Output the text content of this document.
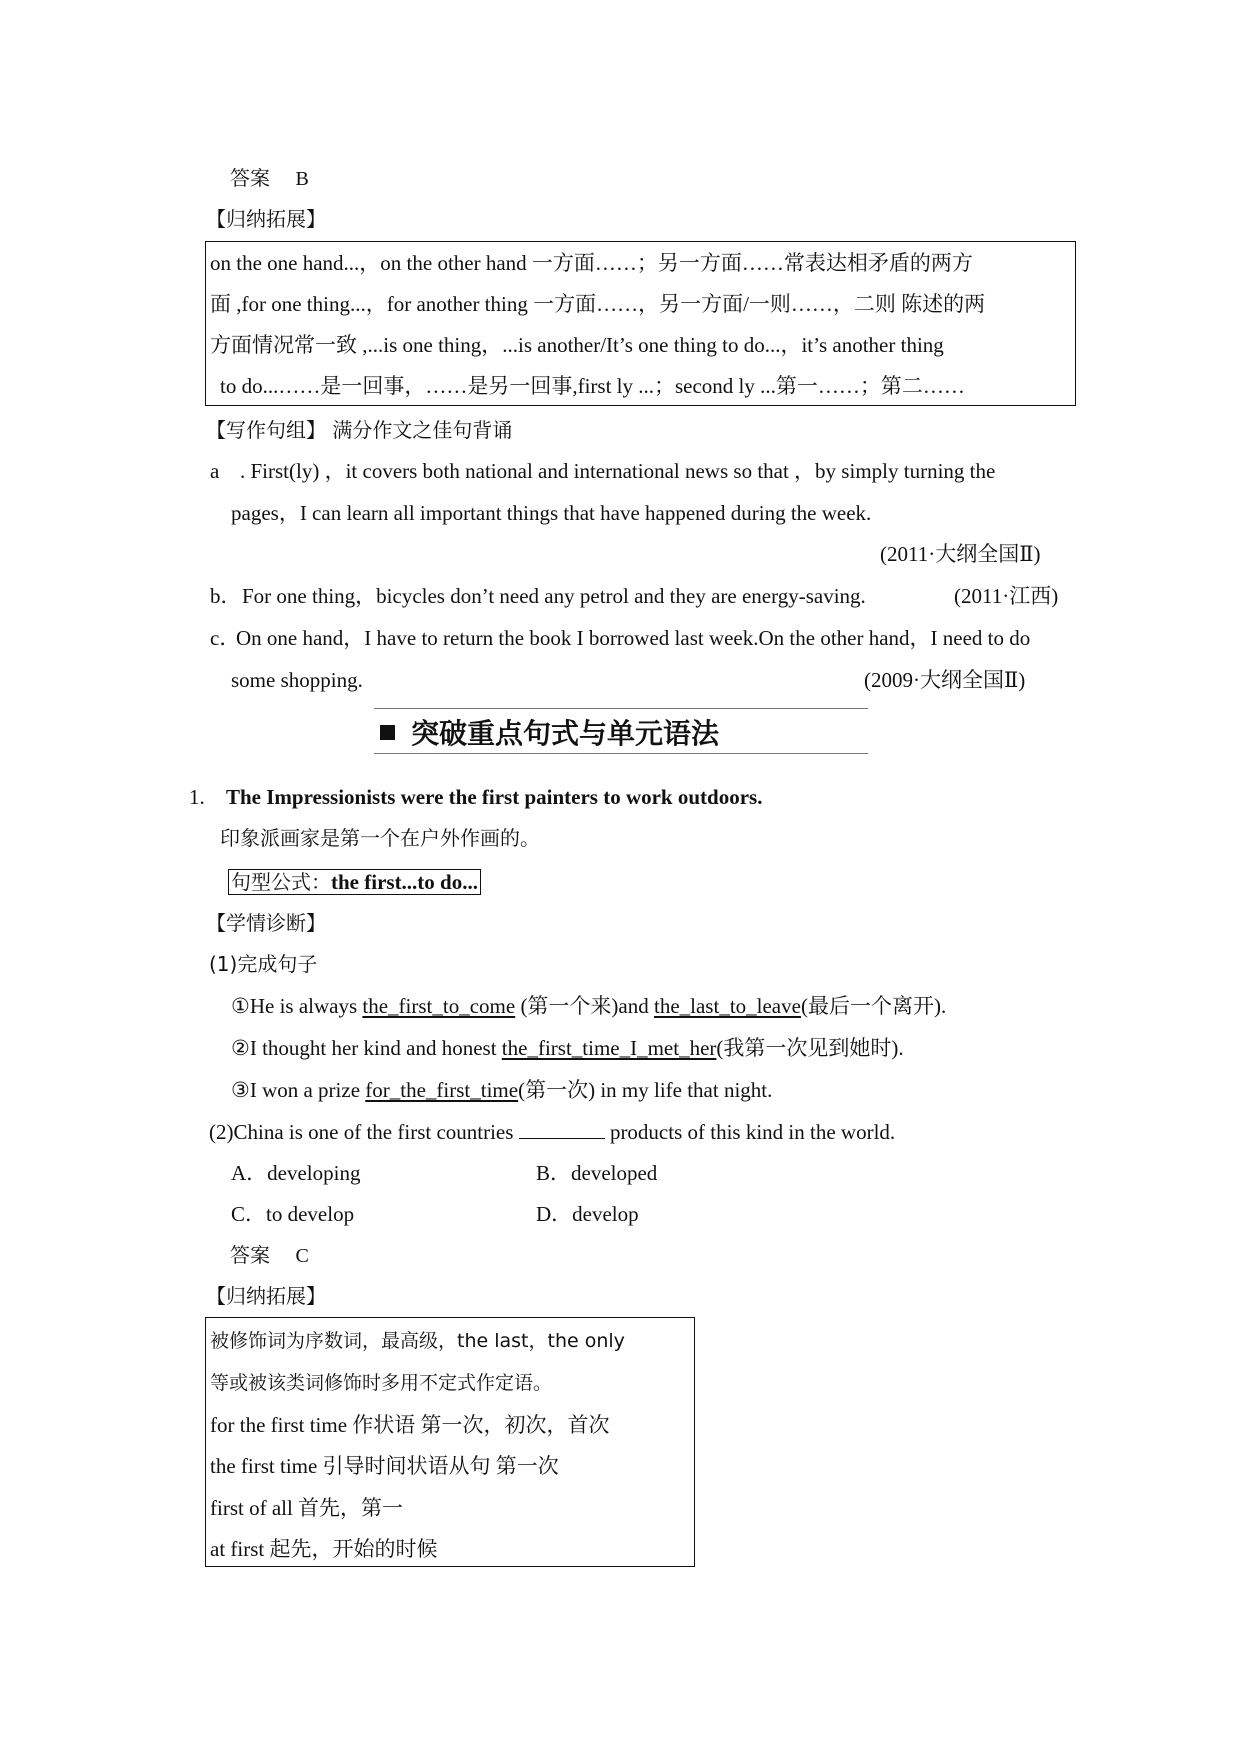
答案 B
【归纳拓展】
on the one hand...，on the other hand 一方面……；另一方面……常表达相矛盾的两方
面 ,for one thing...，for another thing 一方面……，另一方面/一则……，二则 陈述的两
方面情况常一致 ,...is one thing，...is another/It’s one thing to do...，it’s another thing
to do...……是一回事，……是另一回事,first ly ...；second ly ...第一……；第二……
【写作句组】 满分作文之佳句背诵
a . First(ly) ，it covers both national and international news so that ，by simply turning the
pages，I can learn all important things that have happened during the week.
(2011·大纲全国Ⅱ)
b． For one thing，bicycles don’t need any petrol and they are energy-saving.	(2011·江西)
c．
On one hand，I have to return the book I borrowed last week.On the other hand，I need to do
some shopping.	(2009·大纲全国Ⅱ)
突破重点句式与单元语法
1. The Impressionists were the first painters to work outdoors.
印象派画家是第一个在户外作画的。
句型公式：the first...to do...
【学情诊断】
(1)完成句子
①He is always the_first_to_come (第一个来)and the_last_to_leave(最后一个离开).
②I thought her kind and honest the_first_time_I_met_her(我第一次见到她时).
③I won a prize for_the_first_time(第一次) in my life that night.
(2)China is one of the first countries	products of this kind in the world.
A．developing	B．developed
C．to develop	D．develop
答案 C
【归纳拓展】
被修饰词为序数词，最高级，the last，the only
等或被该类词修饰时多用不定式作定语。
for the first time 作状语 第一次，初次，首次
the first time 引导时间状语从句 第一次
first of all 首先，第一
at first 起先，开始的时候
